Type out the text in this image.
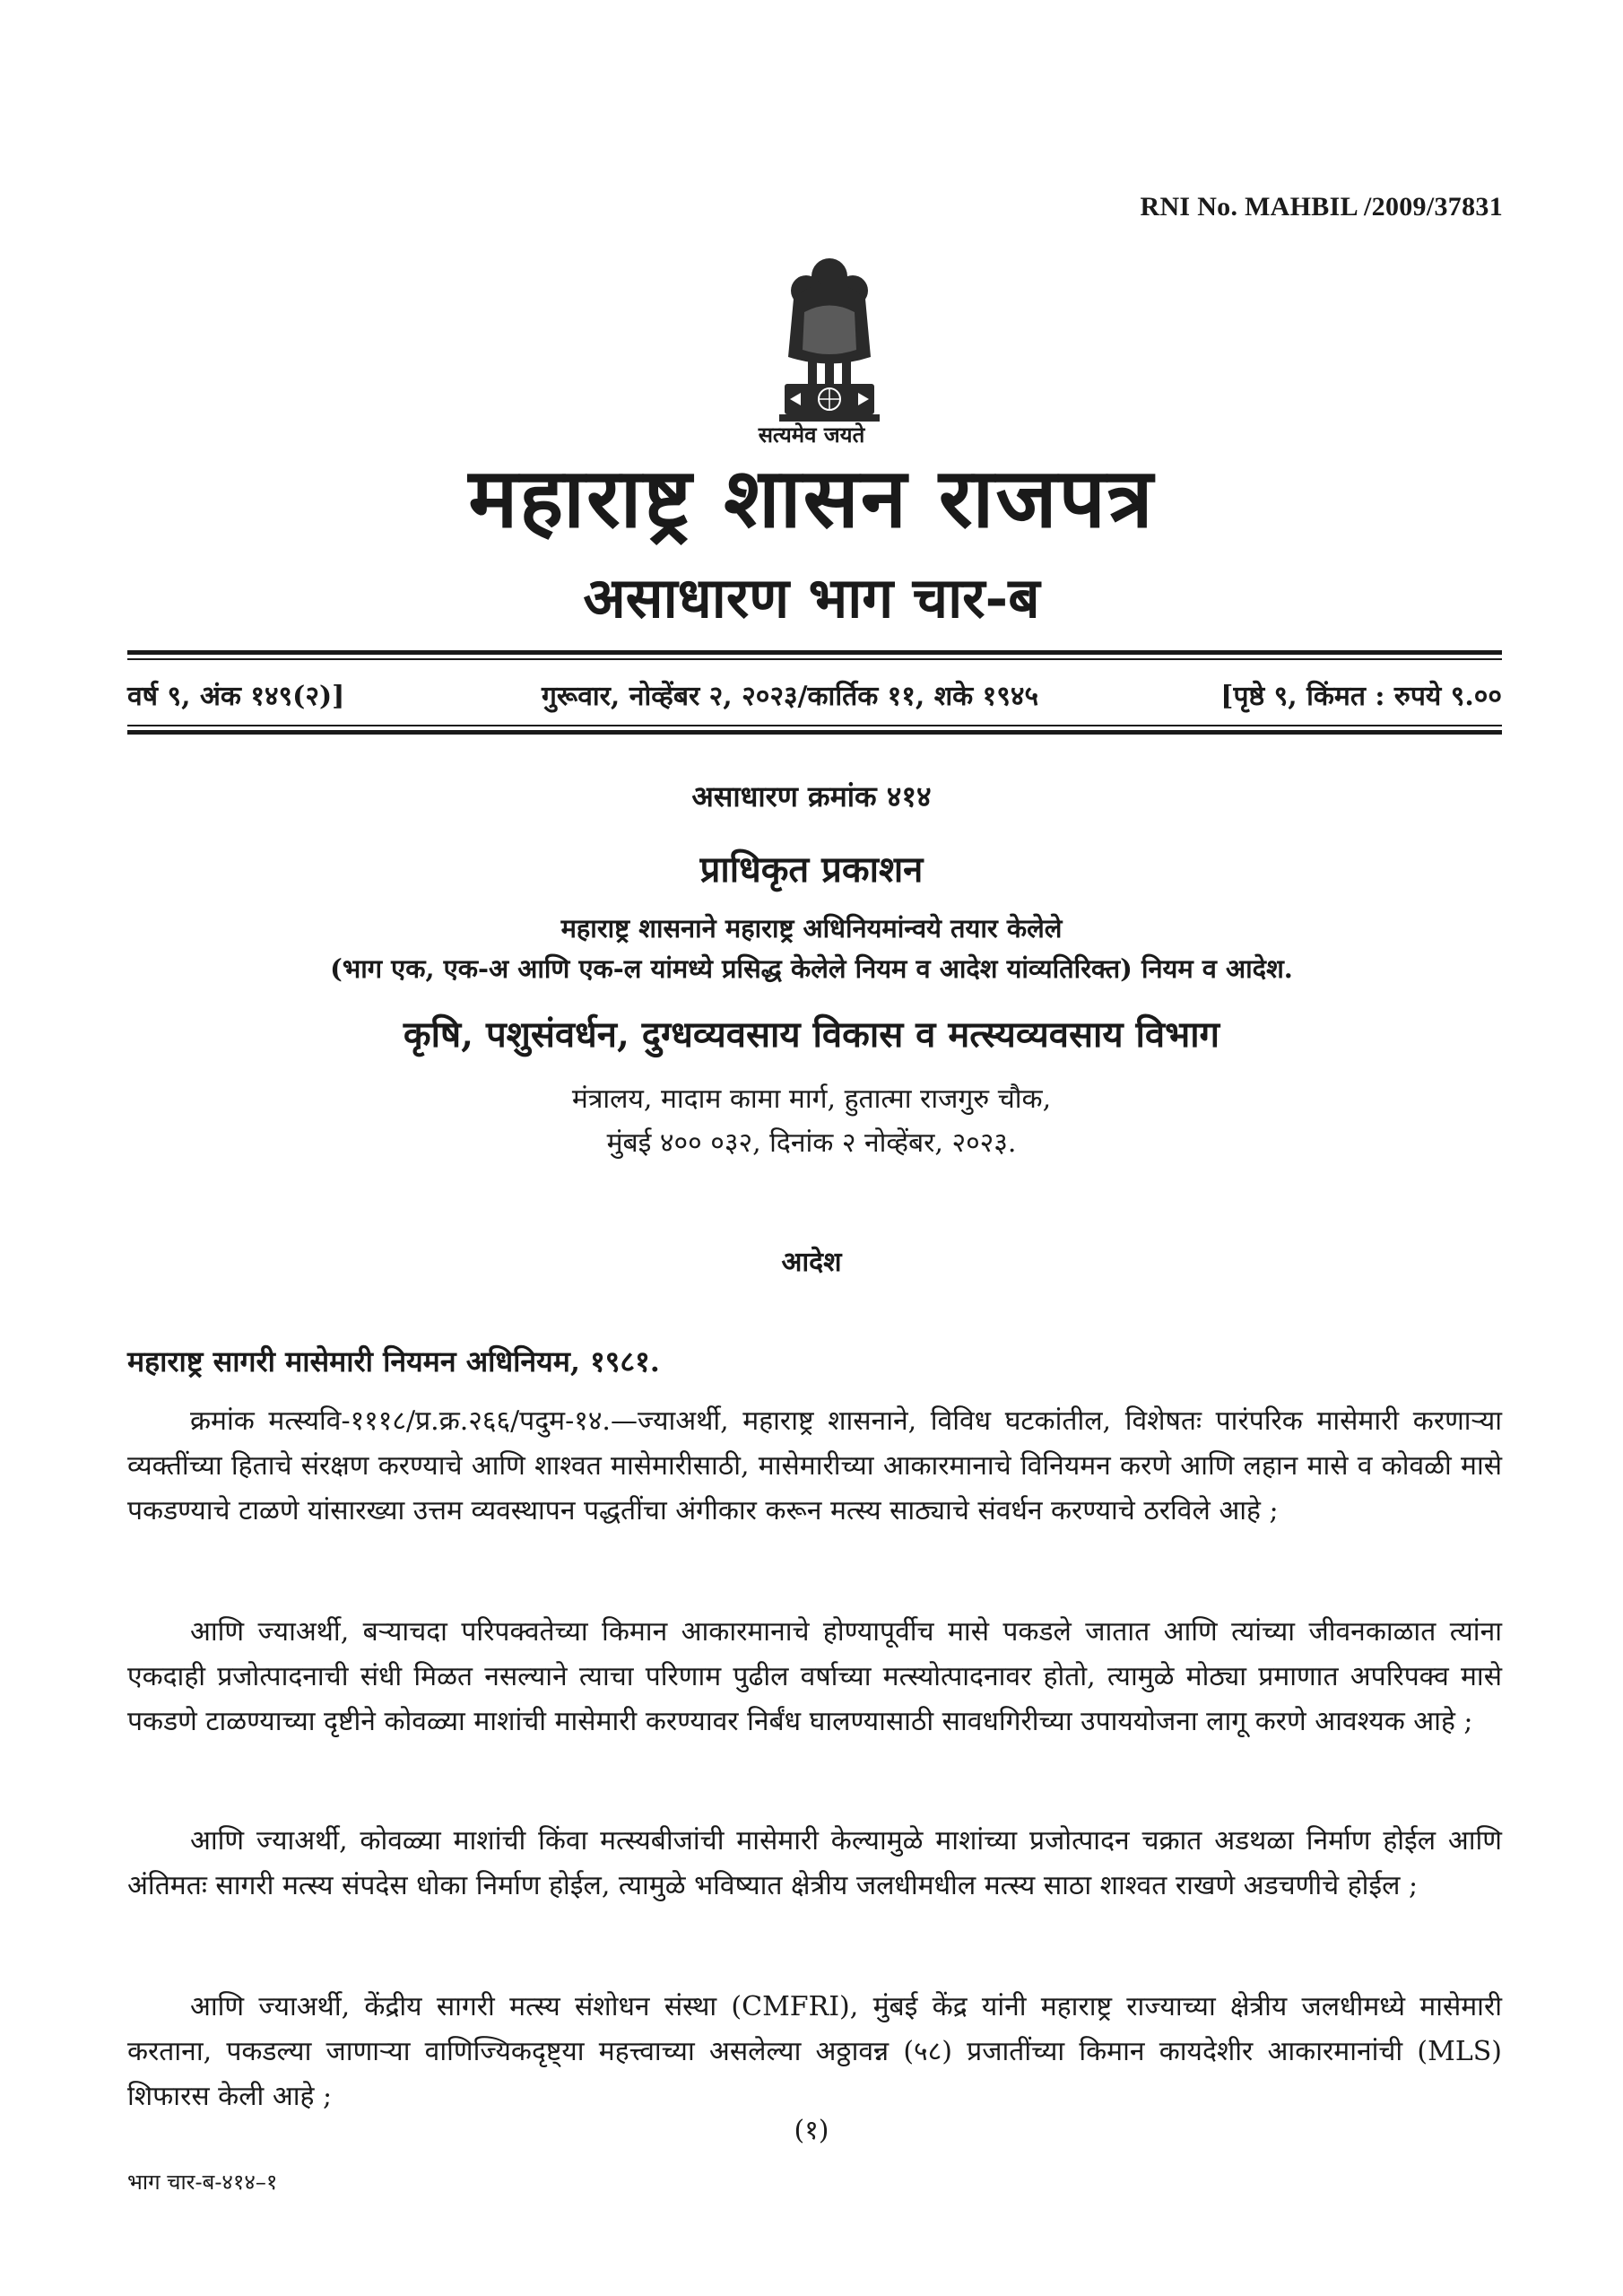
RNI No. MAHBIL /2009/37831
सत्यमेव जयते
महाराष्ट्र शासन राजपत्र
असाधारण भाग चार-ब
वर्ष ९, अंक १४९(२)]	गुरूवार, नोव्हेंबर २, २०२३/कार्तिक ११, शके १९४५	[पृष्ठे ९, किंमत : रुपये ९.००
असाधारण क्रमांक ४१४
प्राधिकृत प्रकाशन
महाराष्ट्र शासनाने महाराष्ट्र अधिनियमांन्वये तयार केलेले
(भाग एक, एक-अ आणि एक-ल यांमध्ये प्रसिद्ध केलेले नियम व आदेश यांव्यतिरिक्त) नियम व आदेश.
कृषि, पशुसंवर्धन, दुग्धव्यवसाय विकास व मत्स्यव्यवसाय विभाग
मंत्रालय, मादाम कामा मार्ग, हुतात्मा राजगुरु चौक,
मुंबई ४०० ०३२, दिनांक २ नोव्हेंबर, २०२३.
आदेश
महाराष्ट्र सागरी मासेमारी नियमन अधिनियम, १९८१.

क्रमांक मत्स्यवि-१११८/प्र.क्र.२६६/पदुम-१४.—ज्याअर्थी, महाराष्ट्र शासनाने, विविध घटकांतील, विशेषतः पारंपरिक मासेमारी करणाऱ्या व्यक्तींच्या हिताचे संरक्षण करण्याचे आणि शाश्वत मासेमारीसाठी, मासेमारीच्या आकारमानाचे विनियमन करणे आणि लहान मासे व कोवळी मासे पकडण्याचे टाळणे यांसारख्या उत्तम व्यवस्थापन पद्धतींचा अंगीकार करून मत्स्य साठ्याचे संवर्धन करण्याचे ठरविले आहे ;

आणि ज्याअर्थी, बऱ्याचदा परिपक्वतेच्या किमान आकारमानाचे होण्यापूर्वीच मासे पकडले जातात आणि त्यांच्या जीवनकाळात त्यांना एकदाही प्रजोत्पादनाची संधी मिळत नसल्याने त्याचा परिणाम पुढील वर्षाच्या मत्स्योत्पादनावर होतो, त्यामुळे मोठ्या प्रमाणात अपरिपक्व मासे पकडणे टाळण्याच्या दृष्टीने कोवळ्या माशांची मासेमारी करण्यावर निर्बंध घालण्यासाठी सावधगिरीच्या उपाययोजना लागू करणे आवश्यक आहे ;

आणि ज्याअर्थी, कोवळ्या माशांची किंवा मत्स्यबीजांची मासेमारी केल्यामुळे माशांच्या प्रजोत्पादन चक्रात अडथळा निर्माण होईल आणि अंतिमतः सागरी मत्स्य संपदेस धोका निर्माण होईल, त्यामुळे भविष्यात क्षेत्रीय जलधीमधील मत्स्य साठा शाश्वत राखणे अडचणीचे होईल ;

आणि ज्याअर्थी, केंद्रीय सागरी मत्स्य संशोधन संस्था (CMFRI), मुंबई केंद्र यांनी महाराष्ट्र राज्याच्या क्षेत्रीय जलधीमध्ये मासेमारी करताना, पकडल्या जाणाऱ्या वाणिज्यिकदृष्ट्या महत्त्वाच्या असलेल्या अठ्ठावन्न (५८) प्रजातींच्या किमान कायदेशीर आकारमानांची (MLS) शिफारस केली आहे ;

(१)
भाग चार-ब-४१४–१
